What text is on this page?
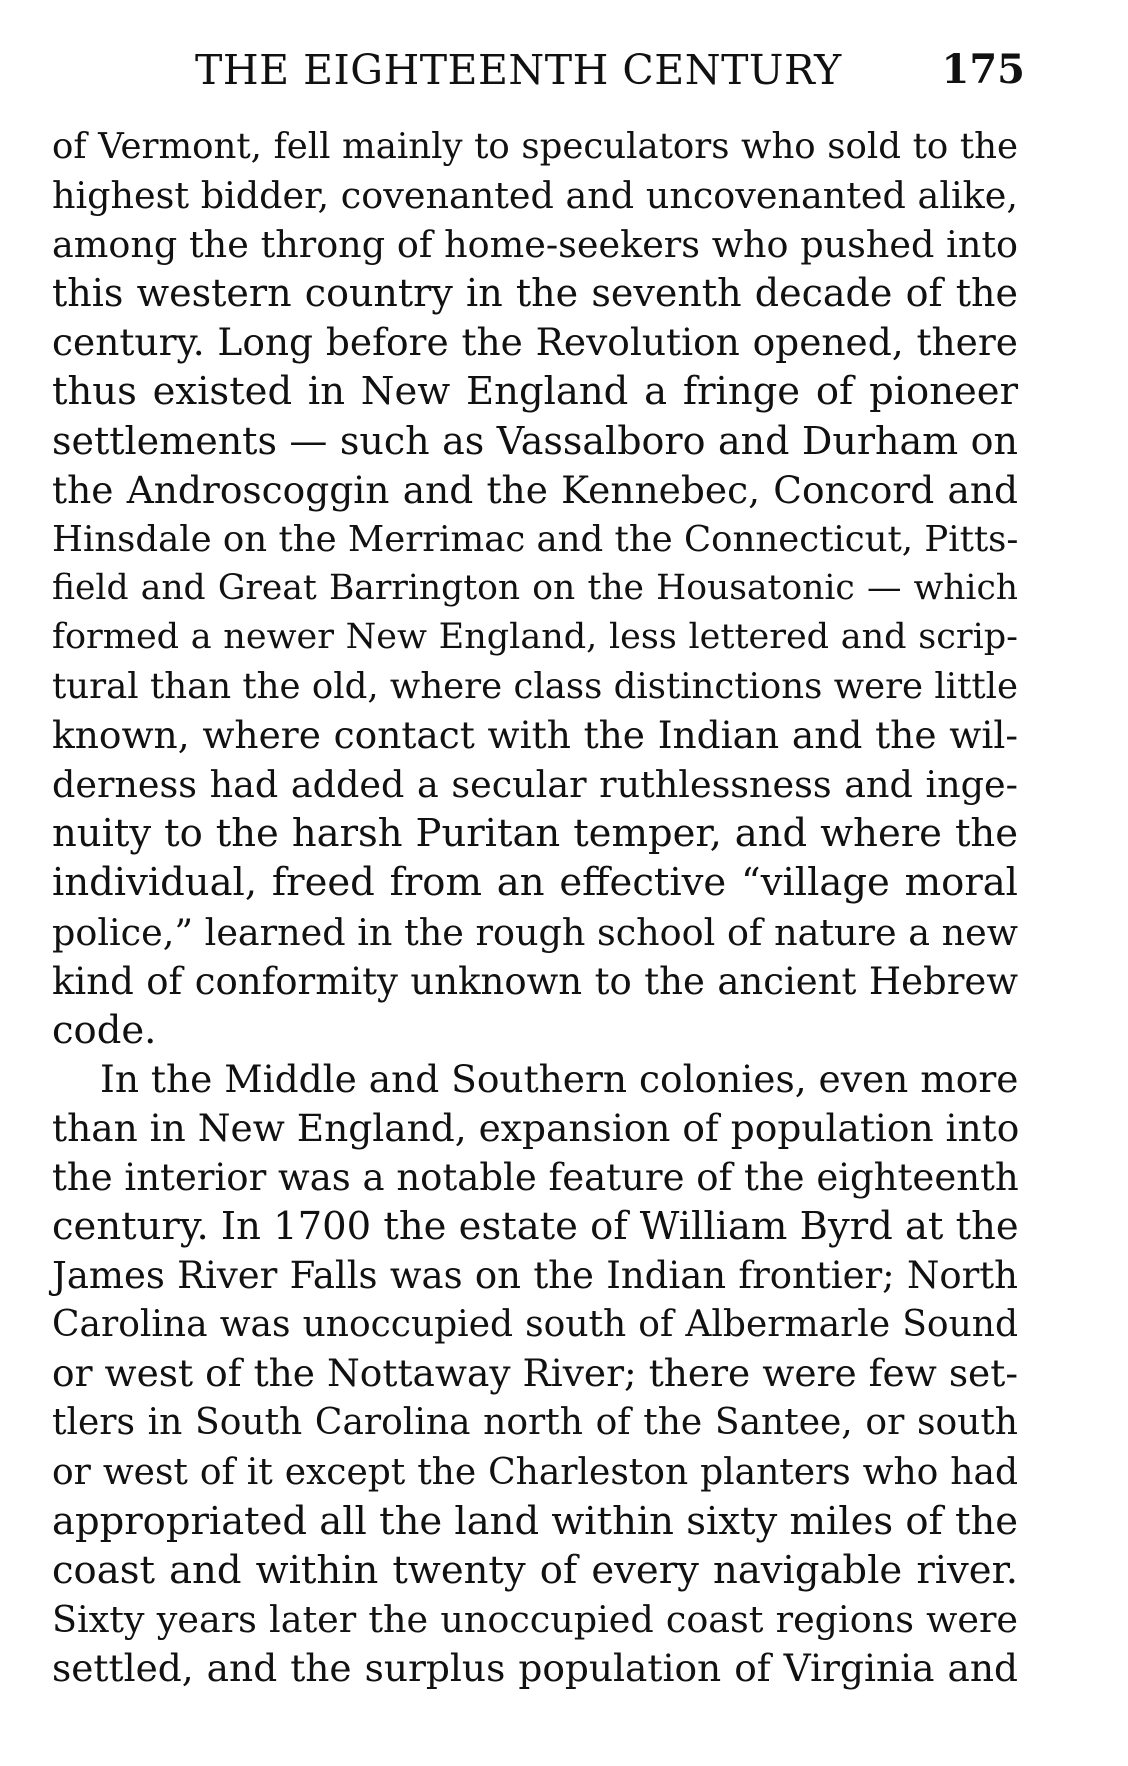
THE EIGHTEENTH CENTURY 175
of Vermont, fell mainly to speculators who sold to the
highest bidder, covenanted and uncovenanted alike,
among the throng of home-seekers who pushed into
this western country in the seventh decade of the
century. Long before the Revolution opened, there
thus existed in New England a fringe of pioneer
settlements — such as Vassalboro and Durham on
the Androscoggin and the Kennebec, Concord and
Hinsdale on the Merrimac and the Connecticut, Pitts-
field and Great Barrington on the Housatonic — which
formed a newer New England, less lettered and scrip-
tural than the old, where class distinctions were little
known, where contact with the Indian and the wil-
derness had added a secular ruthlessness and inge-
nuity to the harsh Puritan temper, and where the
individual, freed from an effective “village moral
police,” learned in the rough school of nature a new
kind of conformity unknown to the ancient Hebrew
code.
In the Middle and Southern colonies, even more
than in New England, expansion of population into
the interior was a notable feature of the eighteenth
century. In 1700 the estate of William Byrd at the
James River Falls was on the Indian frontier; North
Carolina was unoccupied south of Albermarle Sound
or west of the Nottaway River; there were few set-
tlers in South Carolina north of the Santee, or south
or west of it except the Charleston planters who had
appropriated all the land within sixty miles of the
coast and within twenty of every navigable river.
Sixty years later the unoccupied coast regions were
settled, and the surplus population of Virginia and
